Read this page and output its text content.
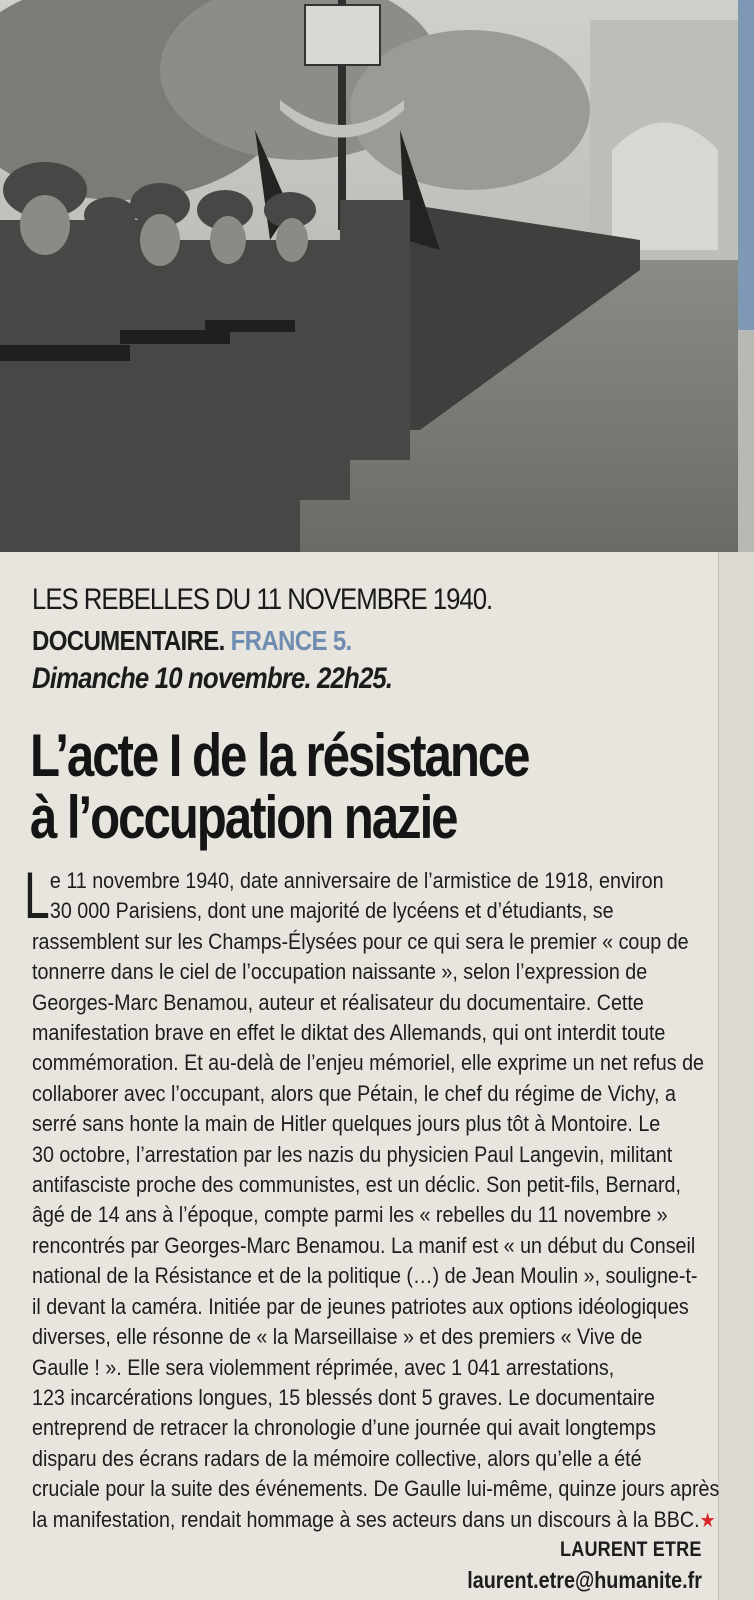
LES REBELLES DU 11 NOVEMBRE 1940.
DOCUMENTAIRE. FRANCE 5.
Dimanche 10 novembre. 22h25.
L’acte I de la résistance
à l’occupation nazie
L e 11 novembre 1940, date anniversaire de l’armistice de 1918, environ
30 000 Parisiens, dont une majorité de lycéens et d’étudiants, se
rassemblent sur les Champs-Élysées pour ce qui sera le premier « coup de
tonnerre dans le ciel de l’occupation naissante », selon l’expression de
Georges-Marc Benamou, auteur et réalisateur du documentaire. Cette
manifestation brave en effet le diktat des Allemands, qui ont interdit toute
commémoration. Et au-delà de l’enjeu mémoriel, elle exprime un net refus de
collaborer avec l’occupant, alors que Pétain, le chef du régime de Vichy, a
serré sans honte la main de Hitler quelques jours plus tôt à Montoire. Le
30 octobre, l’arrestation par les nazis du physicien Paul Langevin, militant
antifasciste proche des communistes, est un déclic. Son petit-fils, Bernard,
âgé de 14 ans à l’époque, compte parmi les « rebelles du 11 novembre »
rencontrés par Georges-Marc Benamou. La manif est « un début du Conseil
national de la Résistance et de la politique (…) de Jean Moulin », souligne-t-
il devant la caméra. Initiée par de jeunes patriotes aux options idéologiques
diverses, elle résonne de « la Marseillaise » et des premiers « Vive de
Gaulle ! ». Elle sera violemment réprimée, avec 1 041 arrestations,
123 incarcérations longues, 15 blessés dont 5 graves. Le documentaire
entreprend de retracer la chronologie d’une journée qui avait longtemps
disparu des écrans radars de la mémoire collective, alors qu’elle a été
cruciale pour la suite des événements. De Gaulle lui-même, quinze jours après
la manifestation, rendait hommage à ses acteurs dans un discours à la BBC.★
LAURENT ETRE
laurent.etre@humanite.fr
